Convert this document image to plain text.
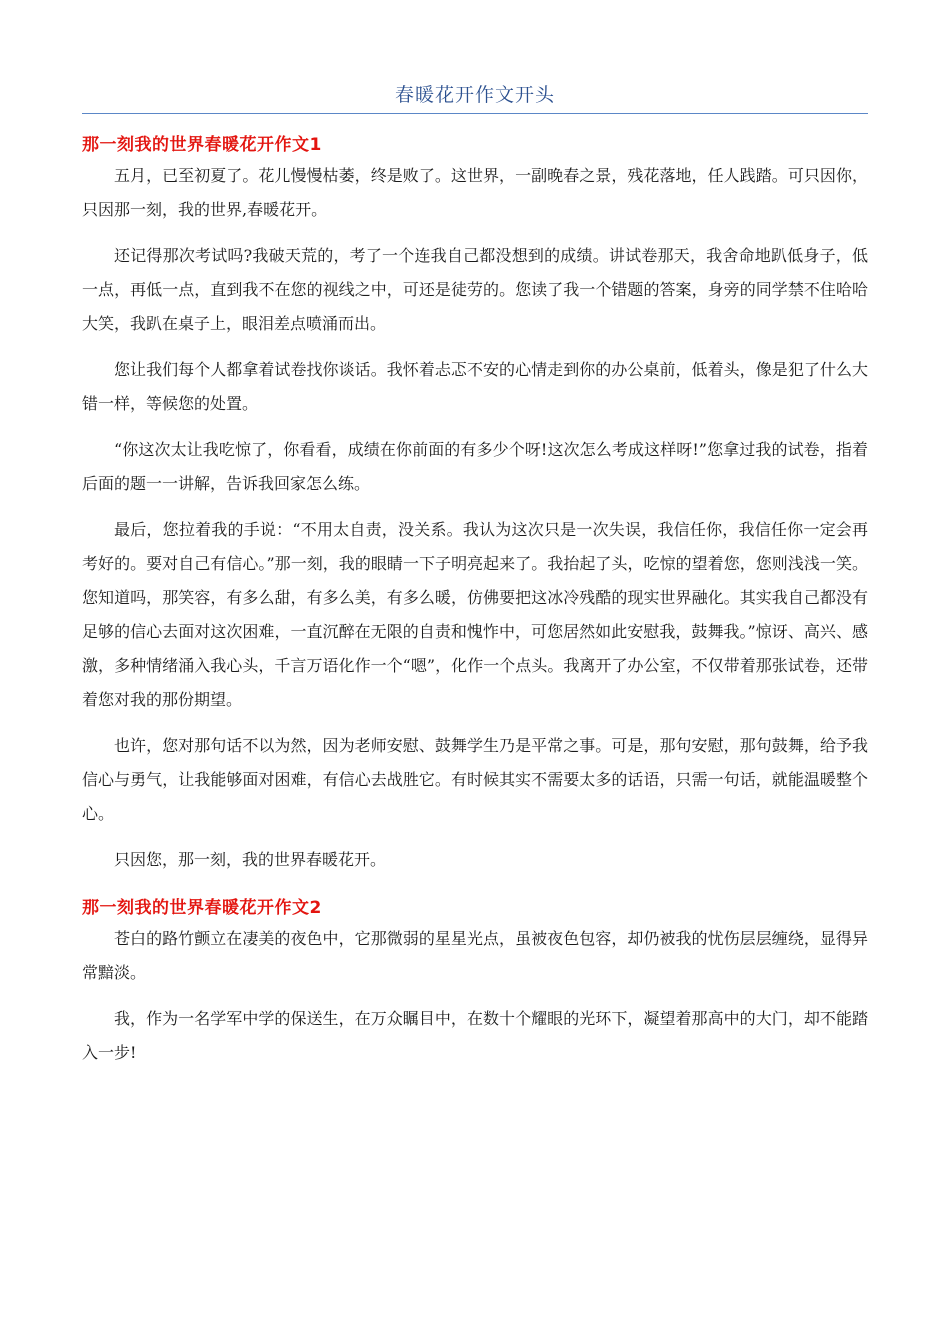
春暖花开作文开头
那一刻我的世界春暖花开作文1

五月，已至初夏了。花儿慢慢枯萎，终是败了。这世界，一副晚春之景，残花落地，任人践踏。可只因你，只因那一刻，我的世界,春暖花开。

还记得那次考试吗?我破天荒的，考了一个连我自己都没想到的成绩。讲试卷那天，我舍命地趴低身子，低一点，再低一点，直到我不在您的视线之中，可还是徒劳的。您读了我一个错题的答案，身旁的同学禁不住哈哈大笑，我趴在桌子上，眼泪差点喷涌而出。

您让我们每个人都拿着试卷找你谈话。我怀着忐忑不安的心情走到你的办公桌前，低着头，像是犯了什么大错一样，等候您的处置。

“你这次太让我吃惊了，你看看，成绩在你前面的有多少个呀!这次怎么考成这样呀!”您拿过我的试卷，指着后面的题一一讲解，告诉我回家怎么练。

最后，您拉着我的手说：“不用太自责，没关系。我认为这次只是一次失误，我信任你，我信任你一定会再考好的。要对自己有信心。”那一刻，我的眼睛一下子明亮起来了。我抬起了头，吃惊的望着您，您则浅浅一笑。您知道吗，那笑容，有多么甜，有多么美，有多么暖，仿佛要把这冰冷残酷的现实世界融化。其实我自己都没有足够的信心去面对这次困难，一直沉醉在无限的自责和愧怍中，可您居然如此安慰我，鼓舞我。”惊讶、高兴、感激，多种情绪涌入我心头，千言万语化作一个“嗯”，化作一个点头。我离开了办公室，不仅带着那张试卷，还带着您对我的那份期望。

也许，您对那句话不以为然，因为老师安慰、鼓舞学生乃是平常之事。可是，那句安慰，那句鼓舞，给予我信心与勇气，让我能够面对困难，有信心去战胜它。有时候其实不需要太多的话语，只需一句话，就能温暖整个心。

只因您，那一刻，我的世界春暖花开。

那一刻我的世界春暖花开作文2

苍白的路竹颤立在凄美的夜色中，它那微弱的星星光点，虽被夜色包容，却仍被我的忧伤层层缠绕，显得异常黯淡。

我，作为一名学军中学的保送生，在万众瞩目中，在数十个耀眼的光环下，凝望着那高中的大门，却不能踏入一步!
